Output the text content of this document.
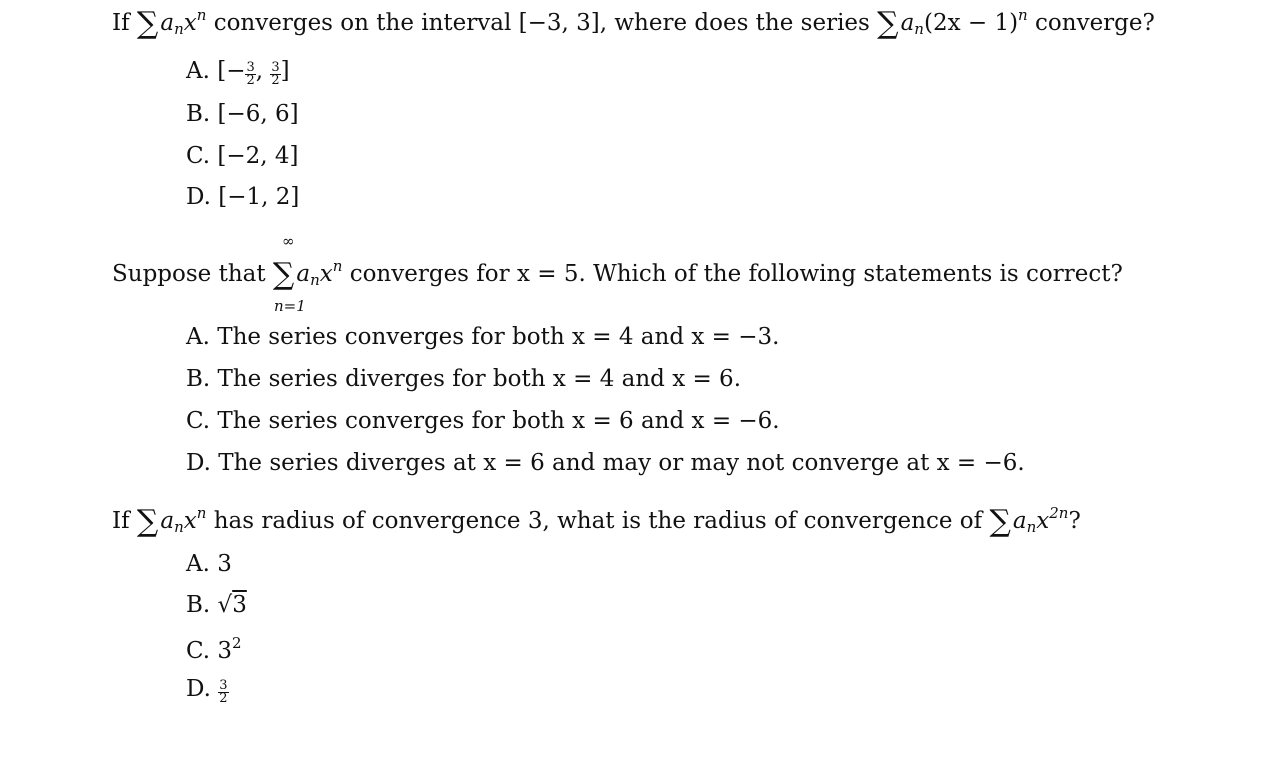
If $\sum a_nx^n$ converges on the interval [−3, 3], where does the series $\sum a_n(2x - 1)^n$ converge?
A. [− $\frac{3}{2}$ , $\frac{3}{2}$ ]
B. [−6, 6]
C. [−2, 4]
D. [−1, 2]
∞
n=1
Suppose that $\sum a_nx^n$ converges for x = 5. Which of the following statements is correct?
A. The series converges for both x = 4 and x = −3.
B. The series diverges for both x = 4 and x = 6.
C. The series converges for both x = 6 and x = −6.
D. The series diverges at x = 6 and may or may not converge at x = −6.
If $\sum a_nx^n$ has radius of convergence 3, what is the radius of convergence of $\sum a_nx^{2n}$?
A. 3
B. √3
C. $3^2$
D. $\frac{3}{2}$
